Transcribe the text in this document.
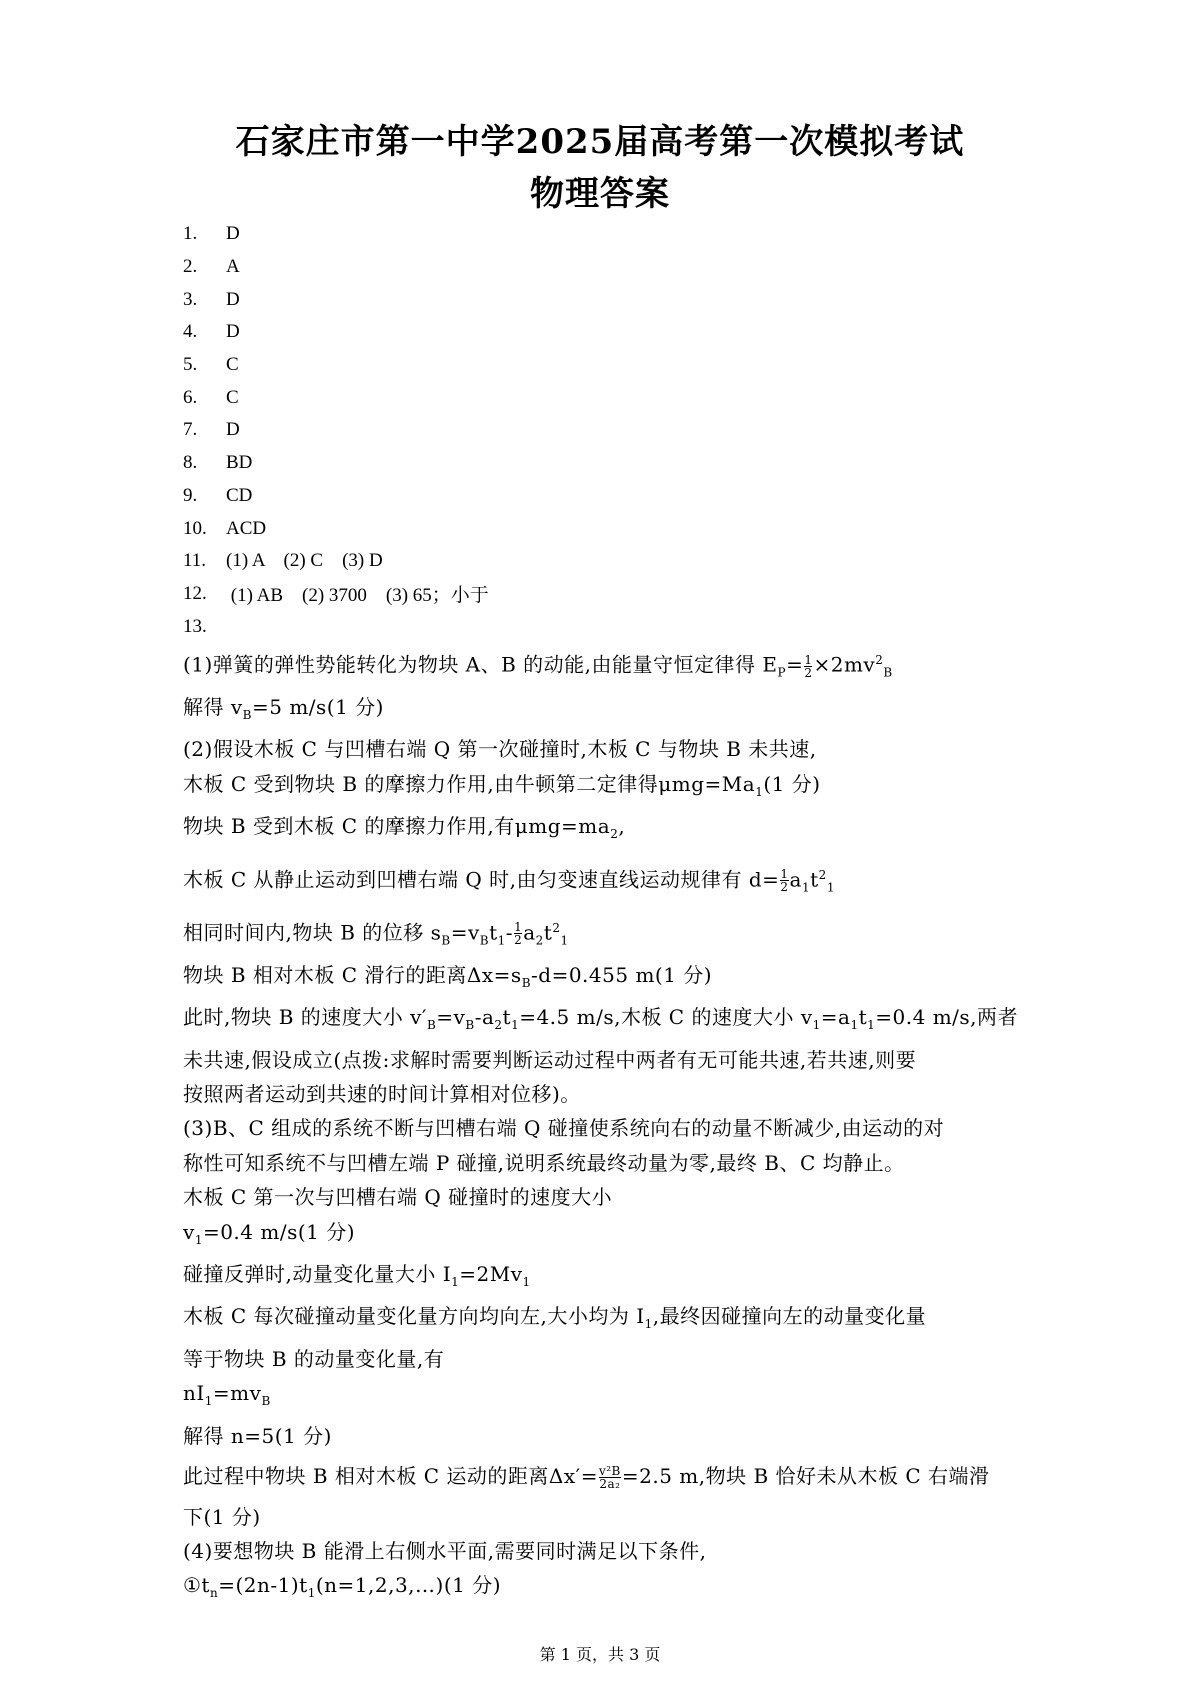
石家庄市第一中学2025届高考第一次模拟考试
物理答案
1.	D
2.	A
3.	D
4.	D
5.	C
6.	C
7.	D
8.	BD
9.	CD
10.	ACD
11.	(1) A    (2) C    (3) D
12.	(1) AB    (2) 3700    (3) 65；小于
13.
(1)弹簧的弹性势能转化为物块 A、B 的动能,由能量守恒定律得 $E_P= \frac{1}{2} \times 2mv^2_B$
解得 $v_B=5$ m/s(1 分)
(2)假设木板 C 与凹槽右端 Q 第一次碰撞时,木板 C 与物块 B 未共速,
木板 C 受到物块 B 的摩擦力作用,由牛顿第二定律得$\mu mg=Ma_1(1$ 分)
物块 B 受到木板 C 的摩擦力作用,有$\mu mg=ma_2$,
木板 C 从静止运动到凹槽右端 Q 时,由匀变速直线运动规律有 $d= \frac{1}{2} a_1t^2_1$
相同时间内,物块 B 的位移 $s_B=v_Bt_1- \frac{1}{2} a_2t^2_1$
物块 B 相对木板 C 滑行的距离$\Delta x=s_B-d=0.455$ m(1 分)
此时,物块 B 的速度大小 $v'_B=v_B-a_2t_1=4.5$ m/s,木板 C 的速度大小 $v_1=a_1t_1=0.4$ m/s,两者
未共速,假设成立(点拨:求解时需要判断运动过程中两者有无可能共速,若共速,则要
按照两者运动到共速的时间计算相对位移)。
(3)B、C 组成的系统不断与凹槽右端 Q 碰撞使系统向右的动量不断减少,由运动的对
称性可知系统不与凹槽左端 P 碰撞,说明系统最终动量为零,最终 B、C 均静止。
木板 C 第一次与凹槽右端 Q 碰撞时的速度大小
$v_1=0.4$ m/s(1 分)
碰撞反弹时,动量变化量大小 $I_1=2Mv_1$
木板 C 每次碰撞动量变化量方向均向左,大小均为 $I_1$,最终因碰撞向左的动量变化量
等于物块 B 的动量变化量,有
$nI_1=mv_B$
解得 n=5(1 分)
此过程中物块 B 相对木板 C 运动的距离$\Delta x'= \frac{\text{v²B}}{\text{2a₂}} =2.5$ m,物块 B 恰好未从木板 C 右端滑
下(1 分)
(4)要想物块 B 能滑上右侧水平面,需要同时满足以下条件,
$①t_n=(2n-1)t_1(n=1,2,3,\dots)(1$ 分)
第 1 页，共 3 页
